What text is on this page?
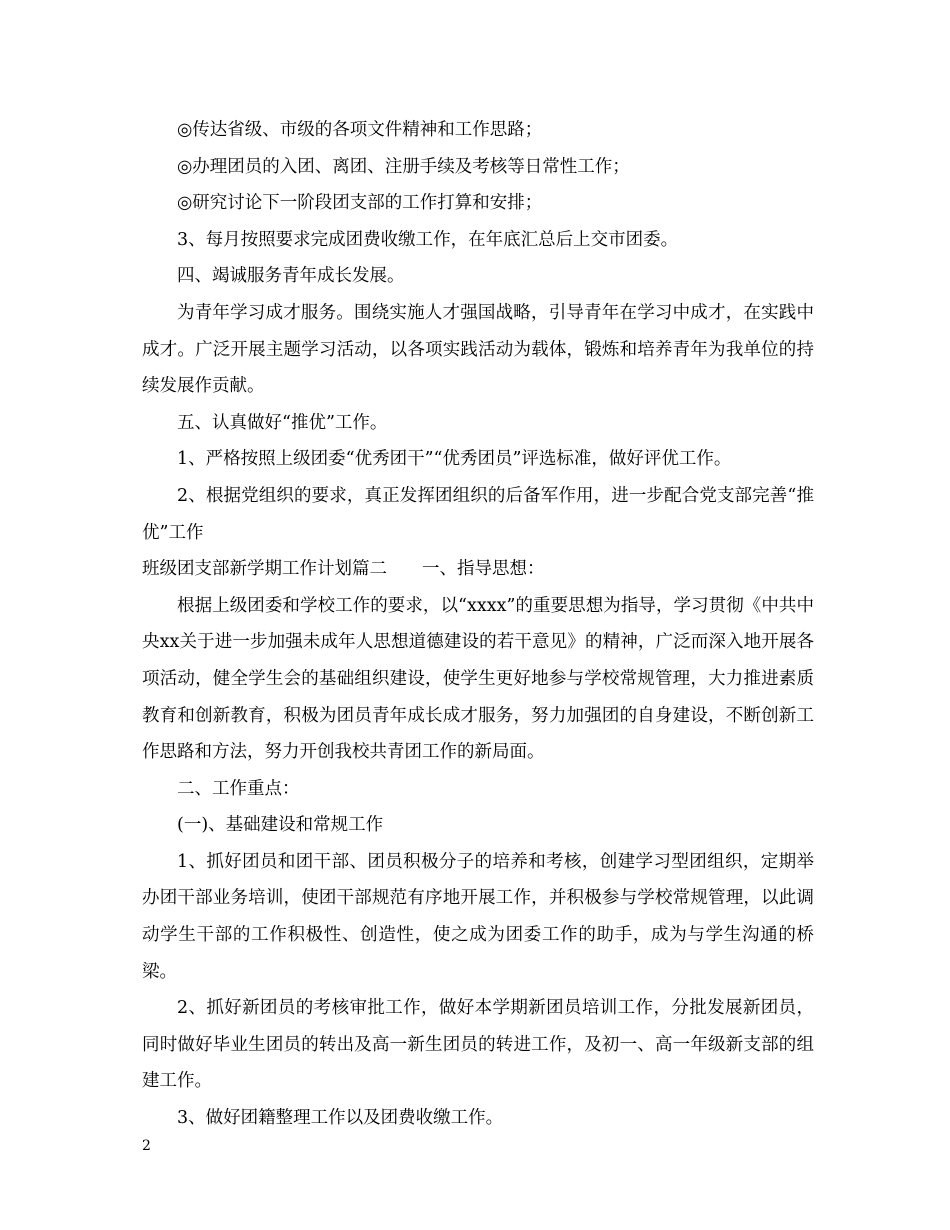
◎传达省级、市级的各项文件精神和工作思路；

◎办理团员的入团、离团、注册手续及考核等日常性工作；

◎研究讨论下一阶段团支部的工作打算和安排；

3、每月按照要求完成团费收缴工作，在年底汇总后上交市团委。

四、竭诚服务青年成长发展。

为青年学习成才服务。围绕实施人才强国战略，引导青年在学习中成才，在实践中成才。广泛开展主题学习活动，以各项实践活动为载体，锻炼和培养青年为我单位的持续发展作贡献。

五、认真做好“推优”工作。

1、严格按照上级团委“优秀团干”“优秀团员”评选标准，做好评优工作。

2、根据党组织的要求，真正发挥团组织的后备军作用，进一步配合党支部完善“推优”工作

班级团支部新学期工作计划篇二　　一、指导思想：

根据上级团委和学校工作的要求，以“xxxx”的重要思想为指导，学习贯彻《中共中央xx关于进一步加强未成年人思想道德建设的若干意见》的精神，广泛而深入地开展各项活动，健全学生会的基础组织建设，使学生更好地参与学校常规管理，大力推进素质教育和创新教育，积极为团员青年成长成才服务，努力加强团的自身建设，不断创新工作思路和方法，努力开创我校共青团工作的新局面。

二、工作重点：

(一)、基础建设和常规工作

1、抓好团员和团干部、团员积极分子的培养和考核，创建学习型团组织，定期举办团干部业务培训，使团干部规范有序地开展工作，并积极参与学校常规管理，以此调动学生干部的工作积极性、创造性，使之成为团委工作的助手，成为与学生沟通的桥梁。

2、抓好新团员的考核审批工作，做好本学期新团员培训工作，分批发展新团员，同时做好毕业生团员的转出及高一新生团员的转进工作，及初一、高一年级新支部的组建工作。

3、做好团籍整理工作以及团费收缴工作。

2
